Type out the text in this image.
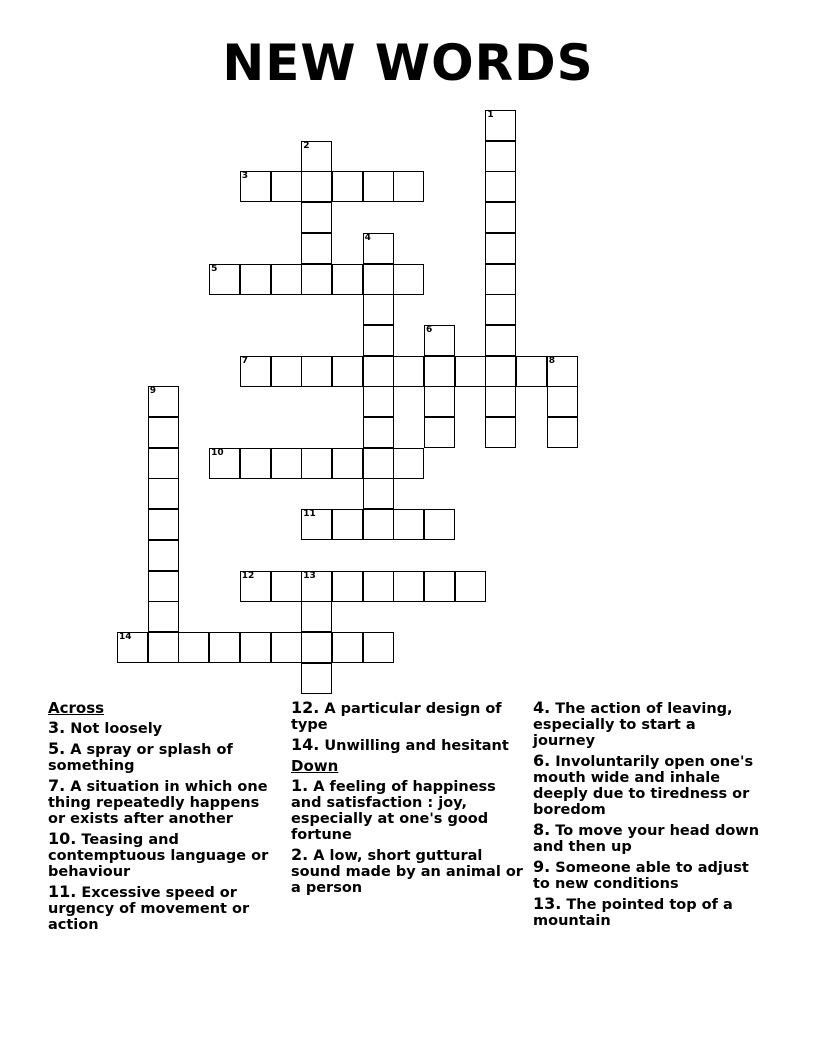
NEW WORDS
3
5
7	8
10
11
12	13
14
1
2
4
6
9
Across
3. Not loosely
5. A spray or splash of something
7. A situation in which one thing repeatedly happens or exists after another
10. Teasing and contemptuous language or behaviour
11. Excessive speed or urgency of movement or action
12. A particular design of type
14. Unwilling and hesitant
Down
1. A feeling of happiness and satisfaction : joy, especially at one's good fortune
2. A low, short guttural sound made by an animal or a person
4. The action of leaving, especially to start a journey
6. Involuntarily open one's mouth wide and inhale deeply due to tiredness or boredom
8. To move your head down and then up
9. Someone able to adjust to new conditions
13. The pointed top of a mountain
